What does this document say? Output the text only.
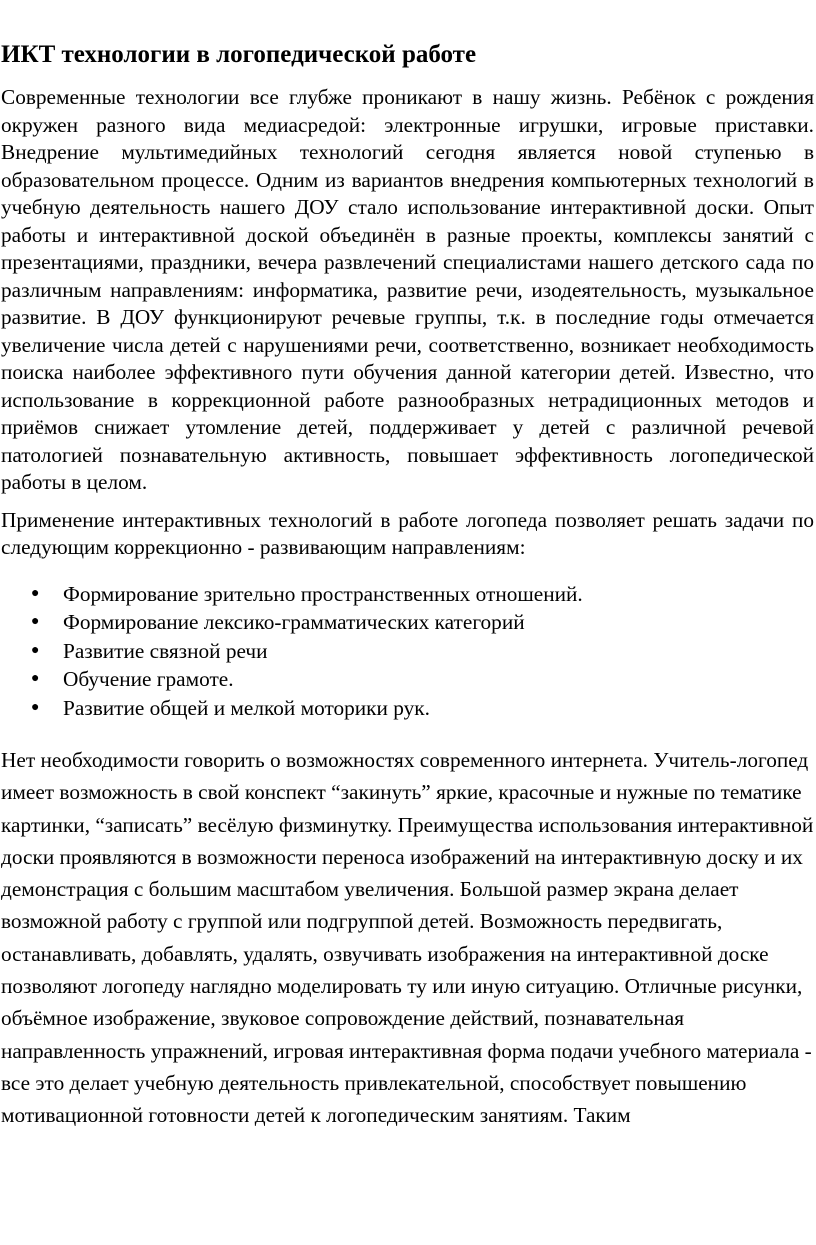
ИКТ технологии в логопедической работе

Современные технологии все глубже проникают в нашу жизнь. Ребёнок с рождения окружен разного вида медиасредой: электронные игрушки, игровые приставки. Внедрение мультимедийных технологий сегодня является новой ступенью в образовательном процессе. Одним из вариантов внедрения компьютерных технологий в учебную деятельность нашего ДОУ стало использование интерактивной доски. Опыт работы и интерактивной доской объединён в разные проекты, комплексы занятий с презентациями, праздники, вечера развлечений специалистами нашего детского сада по различным направлениям: информатика, развитие речи, изодеятельность, музыкальное развитие. В ДОУ функционируют речевые группы, т.к. в последние годы отмечается увеличение числа детей с нарушениями речи, соответственно, возникает необходимость поиска наиболее эффективного пути обучения данной категории детей. Известно, что использование в коррекционной работе разнообразных нетрадиционных методов и приёмов снижает утомление детей, поддерживает у детей с различной речевой патологией познавательную активность, повышает эффективность логопедической работы в целом.

Применение интерактивных технологий в работе логопеда позволяет решать задачи по следующим коррекционно - развивающим направлениям:

● Формирование зрительно пространственных отношений.
● Формирование лексико-грамматических категорий
● Развитие связной речи
● Обучение грамоте.
● Развитие общей и мелкой моторики рук.

Нет необходимости говорить о возможностях современного интернета. Учитель-логопед имеет возможность в свой конспект “закинуть” яркие, красочные и нужные по тематике картинки, “записать” весёлую физминутку. Преимущества использования интерактивной доски проявляются в возможности переноса изображений на интерактивную доску и их демонстрация с большим масштабом увеличения. Большой размер экрана делает возможной работу с группой или подгруппой детей. Возможность передвигать, останавливать, добавлять, удалять, озвучивать изображения на интерактивной доске позволяют логопеду наглядно моделировать ту или иную ситуацию. Отличные рисунки, объёмное изображение, звуковое сопровождение действий, познавательная направленность упражнений, игровая интерактивная форма подачи учебного материала - все это делает учебную деятельность привлекательной, способствует повышению мотивационной готовности детей к логопедическим занятиям. Таким
